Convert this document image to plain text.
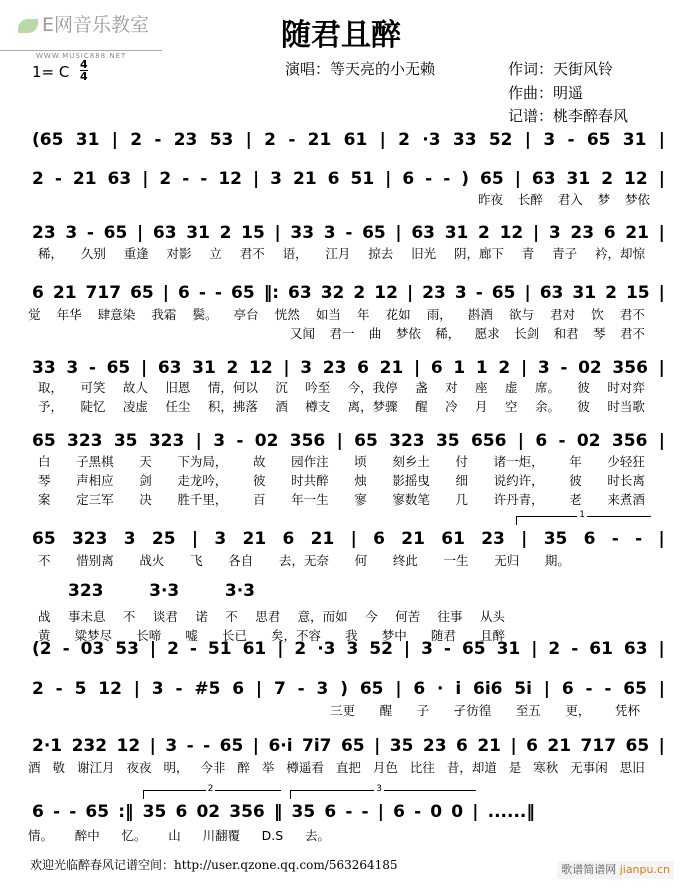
E网音乐教室
WWW.MUSIC888.NET
随君且醉
1= C $\frac{4}{4}$	演唱：等天亮的小无赖	作词：天街风铃
作曲：明遥
记谱：桃李醉春风
(65 31 | 2 - 23 53 | 2 - 21 61 | 2 ·3 33 52 | 3 - 65 31 |
2 - 21 63 | 2 - - 12 | 3 21 6 51 | 6 - - ) 65 | 63 31 2 12 |
昨夜 长醉 君入 梦 梦依
23 3 - 65 | 63 31 2 15 | 33 3 - 65 | 63 31 2 12 | 3 23 6 21 |
稀， 久别 重逢 对影 立 君不 语， 江月 掠去 旧光 阴，廊下 青 青子 衿，却惊
6 21 717 65 | 6 - - 65 ‖: 63 32 2 12 | 23 3 - 65 | 63 31 2 15 |
觉 年华 肆意染 我霜 鬓。 亭台 恍然 如当 年 花如 雨， 斟酒 欲与 君对 饮 君不
又闻 君一 曲 梦依 稀， 愿求 长剑 和君 琴 君不
33 3 - 65 | 63 31 2 12 | 3 23 6 21 | 6 1 1 2 | 3 - 02 356 |
取， 可笑 故人 旧恩 情，何以 沉 吟至 今，我停 盏 对 座 虚 席。 彼 时对弈
予， 陡忆 凌虚 任尘 积，拂落 酒 樽支 离，梦骤 醒 冷 月 空 余。 彼 时当歌
65 323 35 323 | 3 - 02 356 | 65 323 35 656 | 6 - 02 356 |
白 子黑棋 天 下为局， 故 园作注 顷 刻乡土 付 诸一炬， 年 少轻狂
琴 声相应 剑 走龙吟， 彼 时共醉 烛 影摇曳 细 说约许， 彼 时长离
案 定三军 决 胜千里， 百 年一生 寥 寥数笔 几 许丹青， 老 来煮酒
65 323 3 25 | 3 21 6 21 | 6 21 61 23 | 35 6 - - |
不 惜别离 战火 飞 各自 去，无奈 何 终此 一生 无归 期。
323	3·3	3·3
战 事未息 不 谈君 诺 不 思君 意，而如 今 何苦 往事 从头
黄 粱梦尽 长啼 嘘 长已 矣，不容 我 梦中 随君 且醉
1
(2 - 03 53 | 2 - 51 61 | 2 ·3 3 52 | 3 - 65 31 | 2 - 61 63 |
2 - 5 12 | 3 - #5 6 | 7 - 3 ) 65 | 6 · i 6i6 5i | 6 - - 65 |
三更 醒 子 孑彷徨 至五 更， 凭杯
2·1 232 12 | 3 - - 65 | 6·i 7i7 65 | 35 23 6 21 | 6 21 717 65 |
酒 敬 谢江月 夜夜 明， 今非 醉 举 樽遥看 直把 月色 比往 昔，却道 是 寒秋 无事闲 思旧
6 - - 65 :‖ 35 6 02 356 ‖ 35 6 - - | 6 - 0 0 | ......‖
情。 醉中 忆。 山 川翻覆 D.S 去。
2	3
欢迎光临醉春风记谱空间：http://user.qzone.qq.com/563264185	歌谱简谱网 jianpu.cn
